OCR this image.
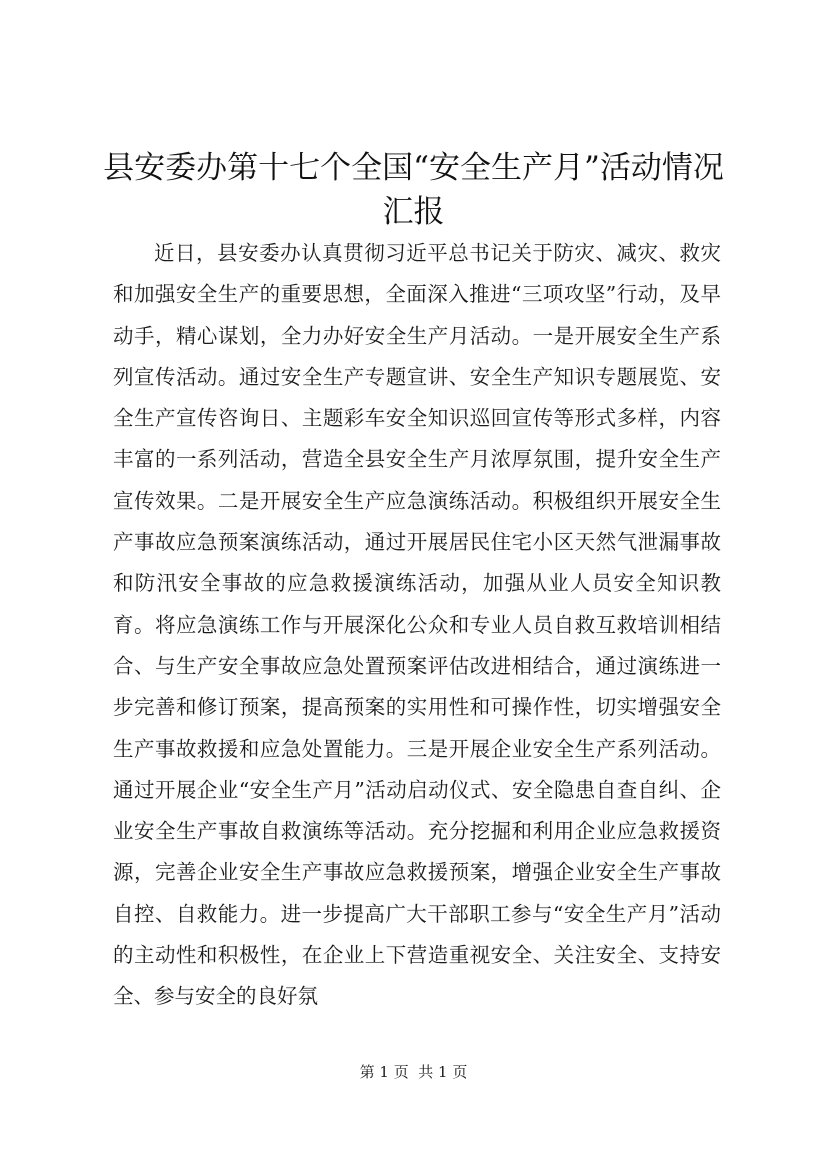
县安委办第十七个全国“安全生产月”活动情况汇报

近日，县安委办认真贯彻习近平总书记关于防灾、减灾、救灾和加强安全生产的重要思想，全面深入推进“三项攻坚”行动，及早动手，精心谋划，全力办好安全生产月活动。一是开展安全生产系列宣传活动。通过安全生产专题宣讲、安全生产知识专题展览、安全生产宣传咨询日、主题彩车安全知识巡回宣传等形式多样，内容丰富的一系列活动，营造全县安全生产月浓厚氛围，提升安全生产宣传效果。二是开展安全生产应急演练活动。积极组织开展安全生产事故应急预案演练活动，通过开展居民住宅小区天然气泄漏事故和防汛安全事故的应急救援演练活动，加强从业人员安全知识教育。将应急演练工作与开展深化公众和专业人员自救互救培训相结合、与生产安全事故应急处置预案评估改进相结合，通过演练进一步完善和修订预案，提高预案的实用性和可操作性，切实增强安全生产事故救援和应急处置能力。三是开展企业安全生产系列活动。通过开展企业“安全生产月”活动启动仪式、安全隐患自查自纠、企业安全生产事故自救演练等活动。充分挖掘和利用企业应急救援资源，完善企业安全生产事故应急救援预案，增强企业安全生产事故自控、自救能力。进一步提高广大干部职工参与“安全生产月”活动的主动性和积极性，在企业上下营造重视安全、关注安全、支持安全、参与安全的良好氛

第 1 页  共 1 页
